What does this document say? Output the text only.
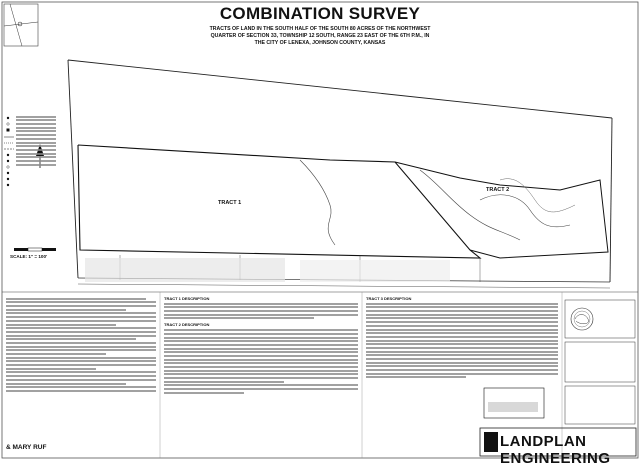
COMBINATION SURVEY
TRACTS OF LAND IN THE SOUTH HALF OF THE SOUTH 80 ACRES OF THE NORTHWEST
QUARTER OF SECTION 33, TOWNSHIP 12 SOUTH, RANGE 23 EAST OF THE 6TH P.M., IN
THE CITY OF LENEXA, JOHNSON COUNTY, KANSAS
SCALE: 1" = 100'
TRACT 1
TRACT 2
& MARY RUF
TRACT 1 DESCRIPTION
TRACT 2 DESCRIPTION
TRACT 3 DESCRIPTION
LANDPLAN ENGINEERING
